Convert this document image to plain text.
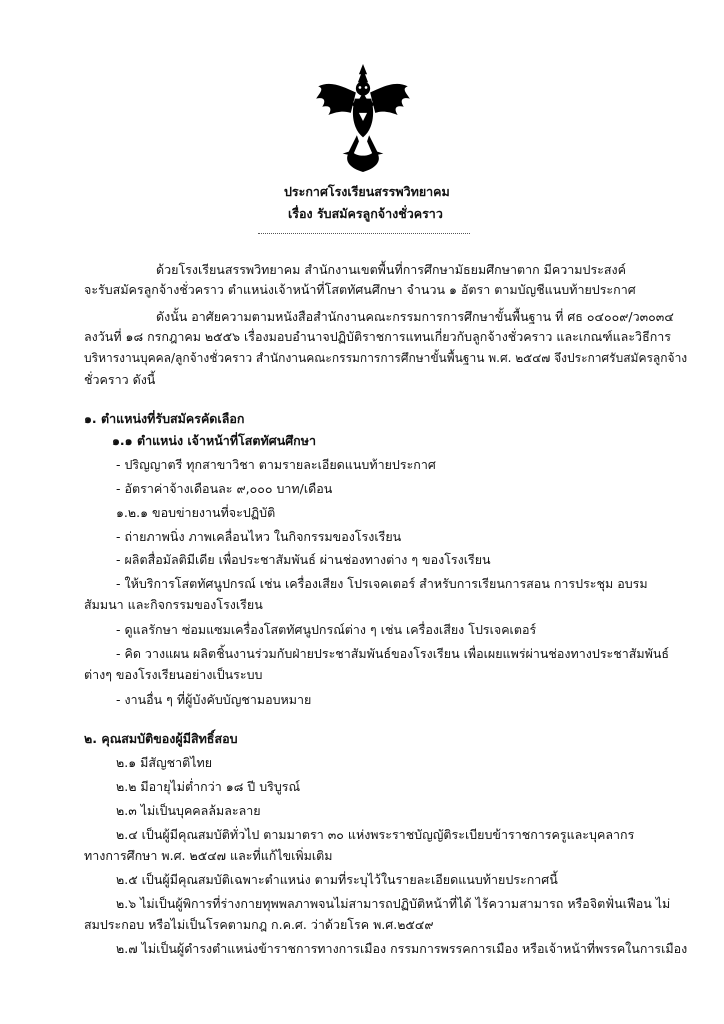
ประกาศโรงเรียนสรรพวิทยาคม
เรื่อง รับสมัครลูกจ้างชั่วคราว
ด้วยโรงเรียนสรรพวิทยาคม สำนักงานเขตพื้นที่การศึกษามัธยมศึกษาตาก มีความประสงค์
จะรับสมัครลูกจ้างชั่วคราว ตำแหน่งเจ้าหน้าที่โสตทัศนศึกษา จำนวน ๑ อัตรา ตามบัญชีแนบท้ายประกาศ
ดังนั้น อาศัยความตามหนังสือสำนักงานคณะกรรมการการศึกษาขั้นพื้นฐาน ที่ ศธ ๐๔๐๐๙/ว๓๐๓๔
ลงวันที่ ๑๘ กรกฎาคม ๒๕๕๖ เรื่องมอบอำนาจปฏิบัติราชการแทนเกี่ยวกับลูกจ้างชั่วคราว และเกณฑ์และวิธีการ
บริหารงานบุคคล/ลูกจ้างชั่วคราว สำนักงานคณะกรรมการการศึกษาขั้นพื้นฐาน พ.ศ. ๒๕๔๗ จึงประกาศรับสมัครลูกจ้าง
ชั่วคราว ดังนี้
๑. ตำแหน่งที่รับสมัครคัดเลือก
๑.๑ ตำแหน่ง เจ้าหน้าที่โสตทัศนศึกษา
- ปริญญาตรี ทุกสาขาวิชา ตามรายละเอียดแนบท้ายประกาศ
- อัตราค่าจ้างเดือนละ ๙,๐๐๐ บาท/เดือน
๑.๒.๑ ขอบข่ายงานที่จะปฏิบัติ
- ถ่ายภาพนิ่ง ภาพเคลื่อนไหว ในกิจกรรมของโรงเรียน
- ผลิตสื่อมัลติมีเดีย เพื่อประชาสัมพันธ์ ผ่านช่องทางต่าง ๆ ของโรงเรียน
- ให้บริการโสตทัศนูปกรณ์ เช่น เครื่องเสียง โปรเจคเตอร์ สำหรับการเรียนการสอน การประชุม อบรม
สัมมนา และกิจกรรมของโรงเรียน
- ดูแลรักษา ซ่อมแซมเครื่องโสตทัศนูปกรณ์ต่าง ๆ เช่น เครื่องเสียง โปรเจคเตอร์
- คิด วางแผน ผลิตชิ้นงานร่วมกับฝ่ายประชาสัมพันธ์ของโรงเรียน เพื่อเผยแพร่ผ่านช่องทางประชาสัมพันธ์
ต่างๆ ของโรงเรียนอย่างเป็นระบบ
- งานอื่น ๆ ที่ผู้บังคับบัญชามอบหมาย
๒. คุณสมบัติของผู้มีสิทธิ์สอบ
๒.๑ มีสัญชาติไทย
๒.๒ มีอายุไม่ต่ำกว่า ๑๘ ปี บริบูรณ์
๒.๓ ไม่เป็นบุคคลล้มละลาย
๒.๔ เป็นผู้มีคุณสมบัติทั่วไป ตามมาตรา ๓๐ แห่งพระราชบัญญัติระเบียบข้าราชการครูและบุคลากร
ทางการศึกษา พ.ศ. ๒๕๔๗ และที่แก้ไขเพิ่มเติม
๒.๕ เป็นผู้มีคุณสมบัติเฉพาะตำแหน่ง ตามที่ระบุไว้ในรายละเอียดแนบท้ายประกาศนี้
๒.๖ ไม่เป็นผู้พิการที่ร่างกายทุพพลภาพจนไม่สามารถปฏิบัติหน้าที่ได้ ไร้ความสามารถ หรือจิตฟั่นเฟือน ไม่
สมประกอบ หรือไม่เป็นโรคตามกฎ ก.ค.ศ. ว่าด้วยโรค พ.ศ.๒๕๔๙
๒.๗ ไม่เป็นผู้ดำรงตำแหน่งข้าราชการทางการเมือง กรรมการพรรคการเมือง หรือเจ้าหน้าที่พรรคในการเมือง
